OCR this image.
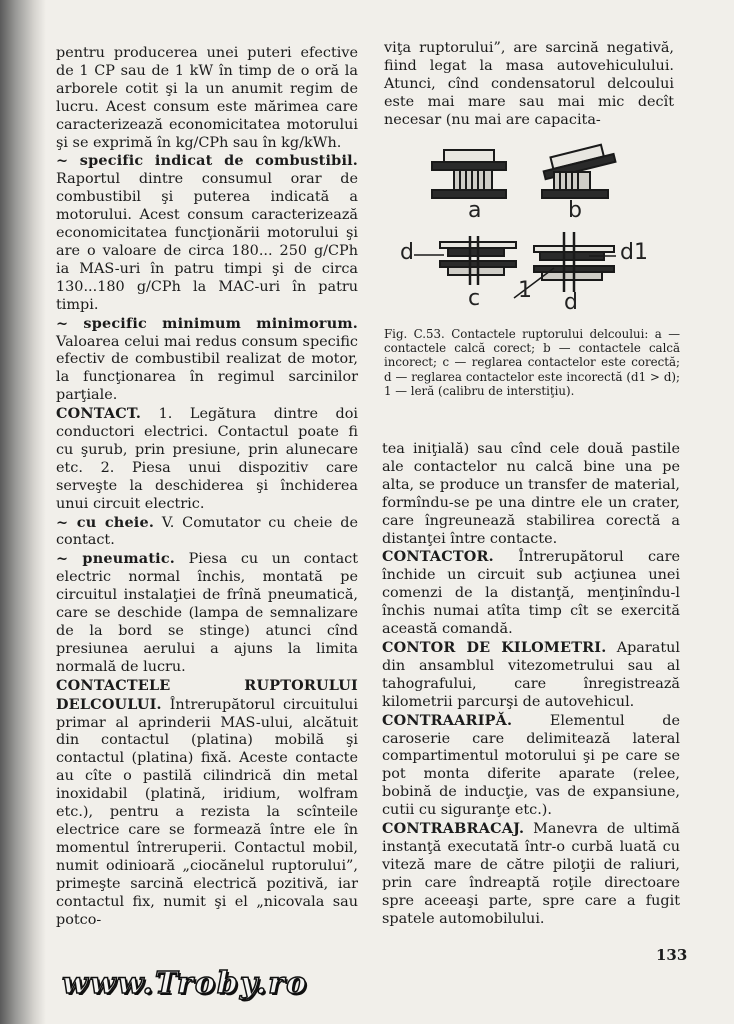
pentru producerea unei puteri efective de 1 CP sau de 1 kW în timp de o oră la arborele cotit şi la un anumit regim de lucru. Acest consum este mărimea care caracterizează economicitatea motorului şi se exprimă în kg/CPh sau în kg/kWh.

~ specific indicat de combustibil. Raportul dintre consumul orar de combustibil şi puterea indicată a motorului. Acest consum caracterizează economicitatea funcţionării motorului şi are o valoare de circa 180... 250 g/CPh ia MAS-uri în patru timpi şi de circa 130...180 g/CPh la MAC-uri în patru timpi.

~ specific minimum minimorum. Valoarea celui mai redus consum specific efectiv de combustibil realizat de motor, la funcţionarea în regimul sarcinilor parţiale.

CONTACT. 1. Legătura dintre doi conductori electrici. Contactul poate fi cu şurub, prin presiune, prin alunecare etc. 2. Piesa unui dispozitiv care serveşte la deschiderea şi închiderea unui circuit electric.

~ cu cheie. V. Comutator cu cheie de contact.

~ pneumatic. Piesa cu un contact electric normal închis, montată pe circuitul instalaţiei de frînă pneumatică, care se deschide (lampa de semnalizare de la bord se stinge) atunci cînd presiunea aerului a ajuns la limita normală de lucru.

CONTACTELE RUPTORULUI DELCOULUI. Întrerupătorul circuitului primar al aprinderii MAS-ului, alcătuit din contactul (platina) mobilă şi contactul (platina) fixă. Aceste contacte au cîte o pastilă cilindrică din metal inoxidabil (platină, iridium, wolfram etc.), pentru a rezista la scînteile electrice care se formează între ele în momentul întreruperii. Contactul mobil, numit odinioară „ciocănelul ruptorului”, primeşte sarcină electrică pozitivă, iar contactul fix, numit şi el „nicovala sau potco-

viţa ruptorului”, are sarcină negativă, fiind legat la masa autovehiculului. Atunci, cînd condensatorul delcoului este mai mare sau mai mic decît necesar (nu mai are capacita-

a	b
d
c 1
d1
d

Fig. C.53. Contactele ruptorului delcoului: a — contactele calcă corect; b — contactele calcă incorect; c — reglarea contactelor este corectă; d — reglarea contactelor este incorectă (d1 > d); 1 — leră (calibru de interstiţiu).

tea iniţială) sau cînd cele două pastile ale contactelor nu calcă bine una pe alta, se produce un transfer de material, formîndu-se pe una dintre ele un crater, care îngreunează stabilirea corectă a distanţei între contacte.

CONTACTOR. Întrerupătorul care închide un circuit sub acţiunea unei comenzi de la distanţă, menţinîndu-l închis numai atîta timp cît se exercită această comandă.

CONTOR DE KILOMETRI. Aparatul din ansamblul vitezometrului sau al tahografului, care înregistrează kilometrii parcurşi de autovehicul.

CONTRAARIPĂ.	Elementul de caroserie care delimitează lateral compartimentul motorului şi pe care se pot monta diferite aparate (relee, bobină de inducţie, vas de expansiune, cutii cu siguranţe etc.).

CONTRABRACAJ. Manevra de ultimă instanţă executată într-o curbă luată cu viteză mare de către piloţii de raliuri, prin care îndreaptă roţile directoare spre aceeaşi parte, spre care a fugit spatele automobilului.

133
www.Troby.ro
